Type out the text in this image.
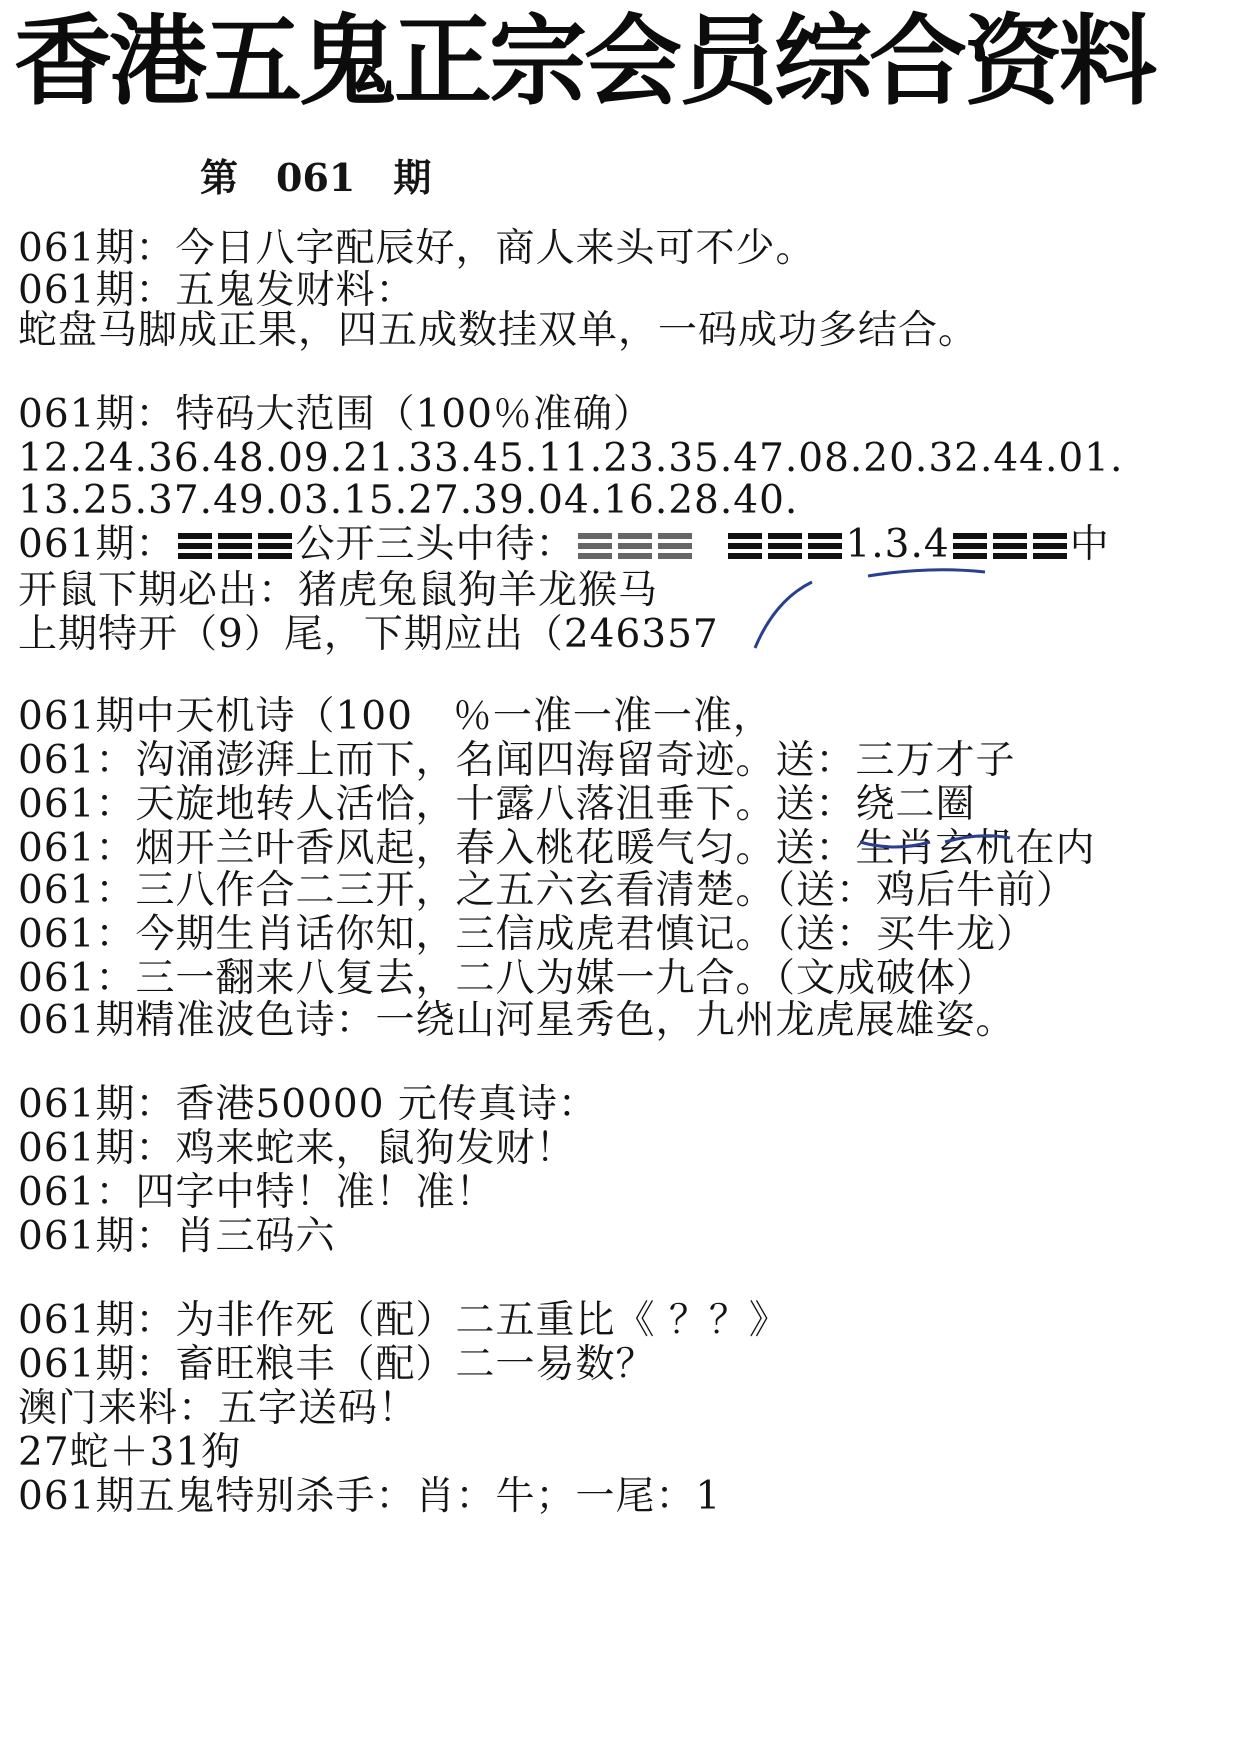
香港五鬼正宗会员综合资料
第　061　期
061期：今日八字配辰好，商人来头可不少。
061期：五鬼发财料：
蛇盘马脚成正果，四五成数挂双单，一码成功多结合。
061期：特码大范围（100％准确）
12.24.36.48.09.21.33.45.11.23.35.47.08.20.32.44.01.
13.25.37.49.03.15.27.39.04.16.28.40.
061期：	公开三头中待：	1.3.4	中
开鼠下期必出：猪虎兔鼠狗羊龙猴马
上期特开（9）尾，下期应出（246357
061期中天机诗（100　％一准一准一准，
061：沟涌澎湃上而下，名闻四海留奇迹。送：三万才子
061：天旋地转人活恰，十露八落沮垂下。送：绕二圈
061：烟开兰叶香风起，春入桃花暖气匀。送：生肖玄机在内
061：三八作合二三开，之五六玄看清楚。（送：鸡后牛前）
061：今期生肖话你知，三信成虎君慎记。（送：买牛龙）
061：三一翻来八复去，二八为媒一九合。（文成破体）
061期精准波色诗：一绕山河星秀色，九州龙虎展雄姿。
061期：香港50000 元传真诗：
061期：鸡来蛇来，鼠狗发财！
061：四字中特！准！准！
061期：肖三码六
061期：为非作死（配）二五重比《 ？？》
061期：畜旺粮丰（配）二一易数？
澳门来料：五字送码！
27蛇＋31狗
061期五鬼特别杀手：肖：牛；一尾：1
